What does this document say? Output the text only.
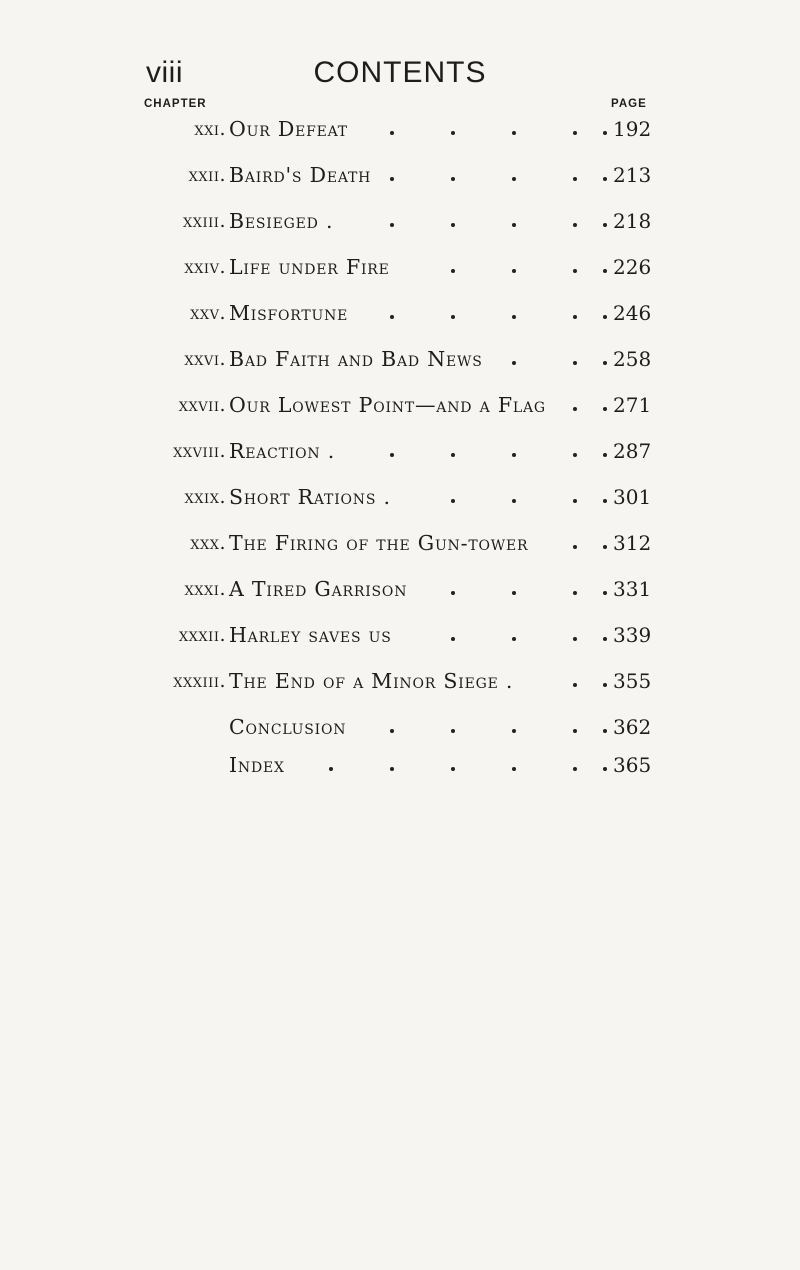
viii	CONTENTS
CHAPTER	PAGE
xxi. Our Defeat	192
xxii. Baird's Death	213
xxiii. Besieged .	218
xxiv. Life under Fire	226
xxv. Misfortune	246
xxvi. Bad Faith and Bad News	258
xxvii. Our Lowest Point—and a Flag	271
xxviii. Reaction .	287
xxix. Short Rations .	301
xxx. The Firing of the Gun-tower	312
xxxi. A Tired Garrison	331
xxxii. Harley saves us	339
xxxiii. The End of a Minor Siege .	355
Conclusion	362
Index	365
